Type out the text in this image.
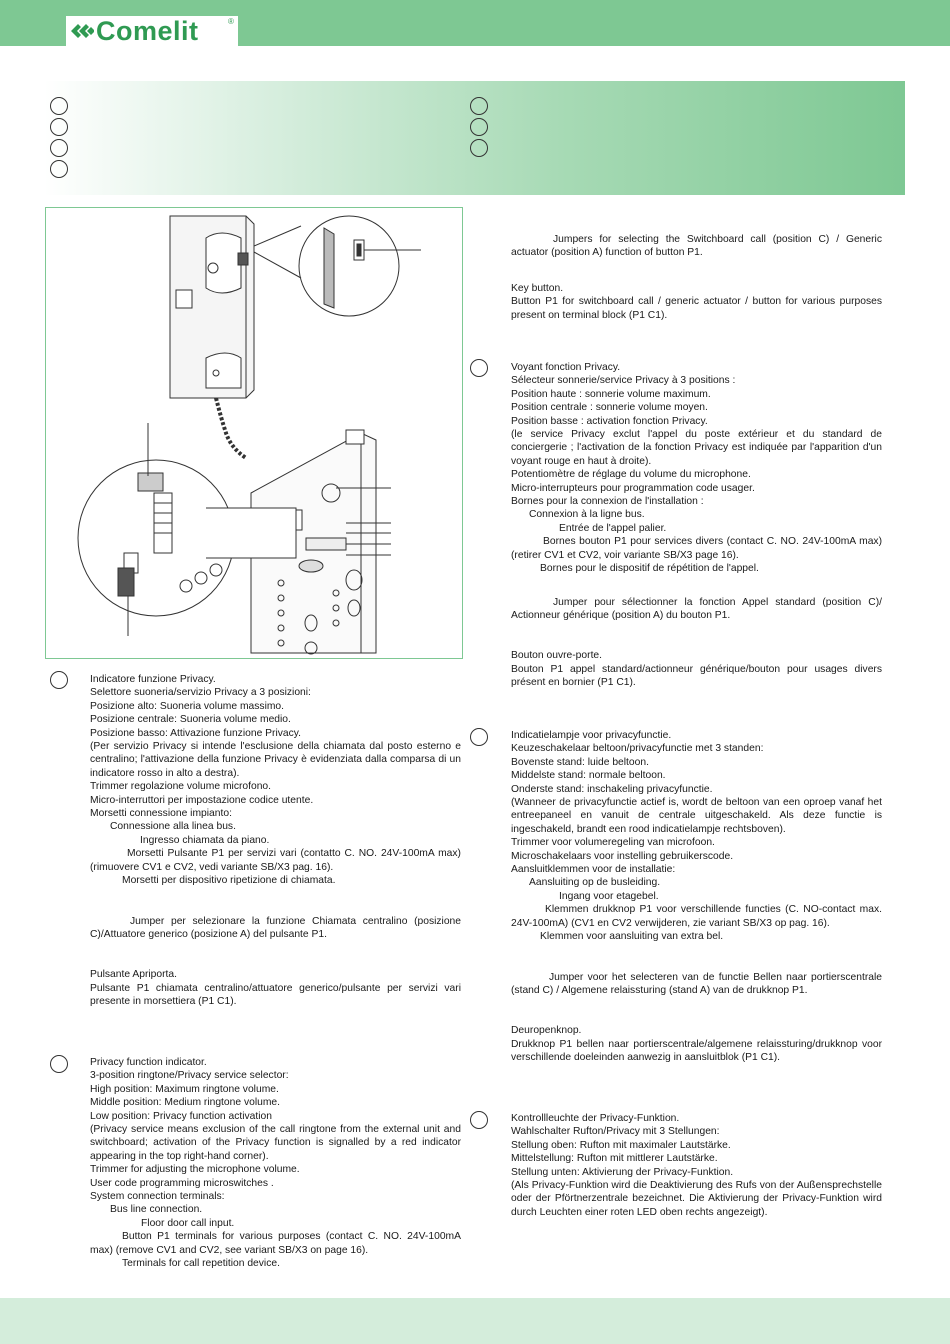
Comelit	®

Jumpers for selecting the Switchboard call (position C) / Generic actuator (position A) function of button P1.

Key button.

Button P1 for switchboard call / generic actuator / button for various purposes present on terminal block (P1 C1).

Voyant fonction Privacy.

Sélecteur sonnerie/service Privacy à 3 positions :

Position haute : sonnerie volume maximum.

Position centrale : sonnerie volume moyen.

Position basse : activation fonction Privacy.

(le service Privacy exclut l'appel du poste extérieur et du standard de conciergerie ; l'activation de la fonction Privacy est indiquée par l'apparition d'un voyant rouge en haut à droite).

Potentiomètre de réglage du volume du microphone.

Micro-interrupteurs pour programmation code usager.

Bornes pour la connexion de l'installation :

Connexion à la ligne bus.

Entrée de l'appel palier.

Bornes bouton P1 pour services divers (contact C. NO. 24V-100mA max) (retirer CV1 et CV2, voir variante SB/X3 page 16).

Bornes pour le dispositif de répétition de l'appel.

Jumper pour sélectionner la fonction Appel standard (position C)/ Actionneur générique (position A) du bouton P1.

Bouton ouvre-porte.

Bouton P1 appel standard/actionneur générique/bouton pour usages divers présent en bornier (P1 C1).

Indicatielampje voor privacyfunctie.

Keuzeschakelaar beltoon/privacyfunctie met 3 standen:

Bovenste stand: luide beltoon.

Middelste stand: normale beltoon.

Onderste stand: inschakeling privacyfunctie.

(Wanneer de privacyfunctie actief is, wordt de beltoon van een oproep vanaf het entreepaneel en vanuit de centrale uitgeschakeld. Als deze functie is ingeschakeld, brandt een rood indicatielampje rechtsboven).

Trimmer voor volumeregeling van microfoon.

Microschakelaars voor instelling gebruikerscode.

Aansluitklemmen voor de installatie:

Aansluiting op de busleiding.

Ingang voor etagebel.

Klemmen drukknop P1 voor verschillende functies (C. NO-contact max. 24V-100mA) (CV1 en CV2 verwijderen, zie variant SB/X3 op pag. 16).

Klemmen voor aansluiting van extra bel.

Jumper voor het selecteren van de functie Bellen naar portierscentrale (stand C) / Algemene relaissturing (stand A) van de drukknop P1.

Deuropenknop.

Drukknop P1 bellen naar portierscentrale/algemene relaissturing/drukknop voor verschillende doeleinden aanwezig in aansluitblok (P1 C1).

Kontrollleuchte der Privacy-Funktion.

Wahlschalter Rufton/Privacy mit 3 Stellungen:

Stellung oben: Rufton mit maximaler Lautstärke.

Mittelstellung: Rufton mit mittlerer Lautstärke.

Stellung unten: Aktivierung der Privacy-Funktion.

(Als Privacy-Funktion wird die Deaktivierung des Rufs von der Außensprechstelle oder der Pförtnerzentrale bezeichnet. Die Aktivierung der Privacy-Funktion wird durch Leuchten einer roten LED oben rechts angezeigt).

Indicatore funzione Privacy.

Selettore suoneria/servizio Privacy a 3 posizioni:

Posizione alto: Suoneria volume massimo.

Posizione centrale: Suoneria volume medio.

Posizione basso: Attivazione funzione Privacy.

(Per servizio Privacy si intende l'esclusione della chiamata dal posto esterno e centralino; l'attivazione della funzione Privacy è evidenziata dalla comparsa di un indicatore rosso in alto a destra).

Trimmer regolazione volume microfono.

Micro-interruttori per impostazione codice utente.

Morsetti connessione impianto:

Connessione alla linea bus.

Ingresso chiamata da piano.

Morsetti Pulsante P1 per servizi vari (contatto C. NO. 24V-100mA max) (rimuovere CV1 e CV2, vedi variante SB/X3 pag. 16).

Morsetti per dispositivo ripetizione di chiamata.

Jumper per selezionare la funzione Chiamata centralino (posizione C)/Attuatore generico (posizione A) del pulsante P1.

Pulsante Apriporta.

Pulsante P1 chiamata centralino/attuatore generico/pulsante per servizi vari presente in morsettiera (P1 C1).

Privacy function indicator.

3-position ringtone/Privacy service selector:

High position: Maximum ringtone volume.

Middle position: Medium ringtone volume.

Low position: Privacy function activation

(Privacy service means exclusion of the call ringtone from the external unit and switchboard; activation of the Privacy function is signalled by a red indicator appearing in the top right-hand corner).

Trimmer for adjusting the microphone volume.

User code programming microswitches .

System connection terminals:

Bus line connection.

Floor door call input.

Button P1 terminals for various purposes (contact C. NO. 24V-100mA max) (remove CV1 and CV2, see variant SB/X3 on page 16).

Terminals for call repetition device.
